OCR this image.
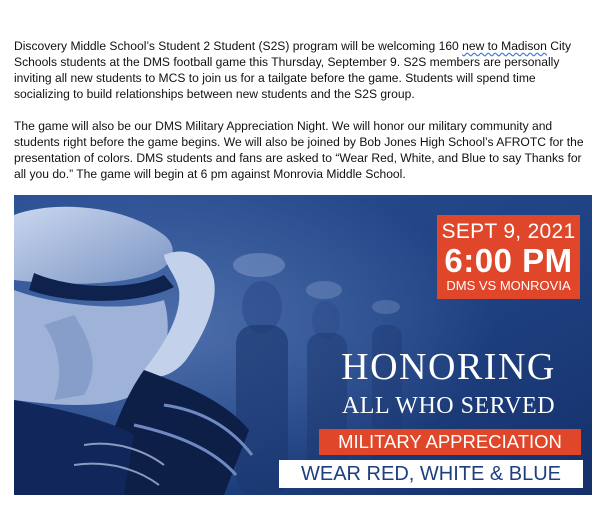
Discovery Middle School’s Student 2 Student (S2S) program will be welcoming 160 new to Madison City Schools students at the DMS football game this Thursday, September 9. S2S members are personally inviting all new students to MCS to join us for a tailgate before the game. Students will spend time socializing to build relationships between new students and the S2S group.

The game will also be our DMS Military Appreciation Night. We will honor our military community and students right before the game begins. We will also be joined by Bob Jones High School’s AFROTC for the presentation of colors. DMS students and fans are asked to “Wear Red, White, and Blue to say Thanks for all you do.” The game will begin at 6 pm against Monrovia Middle School.

SEPT 9, 2021
6:00 PM
DMS VS MONROVIA
HONORING
ALL WHO SERVED
MILITARY APPRECIATION
WEAR RED, WHITE & BLUE
